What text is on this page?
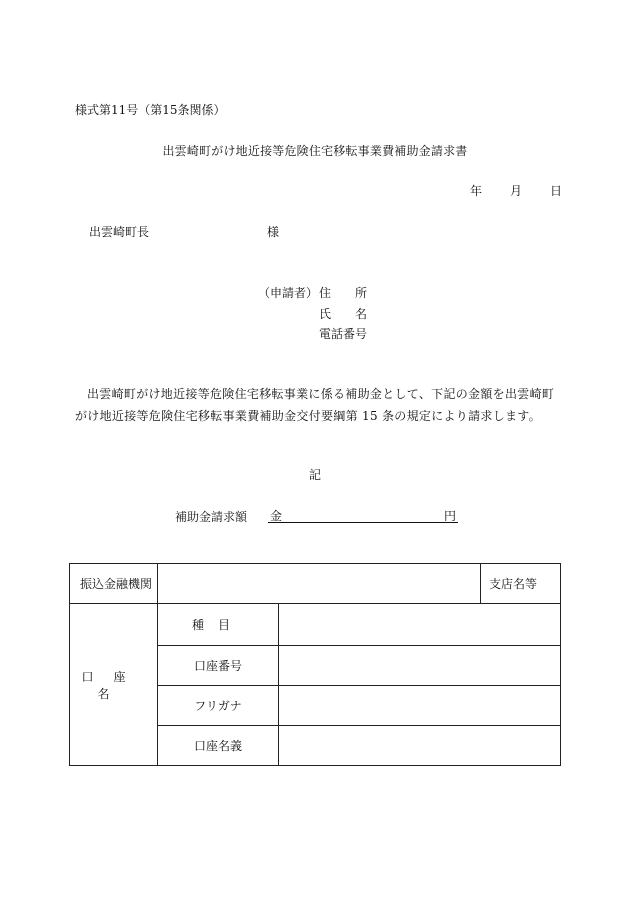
様式第11号（第15条関係）
出雲崎町がけ地近接等危険住宅移転事業費補助金請求書
年 月 日
出雲崎町長	様
（申請者） 住　　所
氏　　名
電話番号
出雲崎町がけ地近接等危険住宅移転事業に係る補助金として、下記の金額を出雲崎町がけ地近接等危険住宅移転事業費補助金交付要綱第 15 条の規定により請求します。
記
補助金請求額 金	円
振込金融機関			支店名等
口座名	種目		
	口座番号		
	フリガナ		
	口座名義		
